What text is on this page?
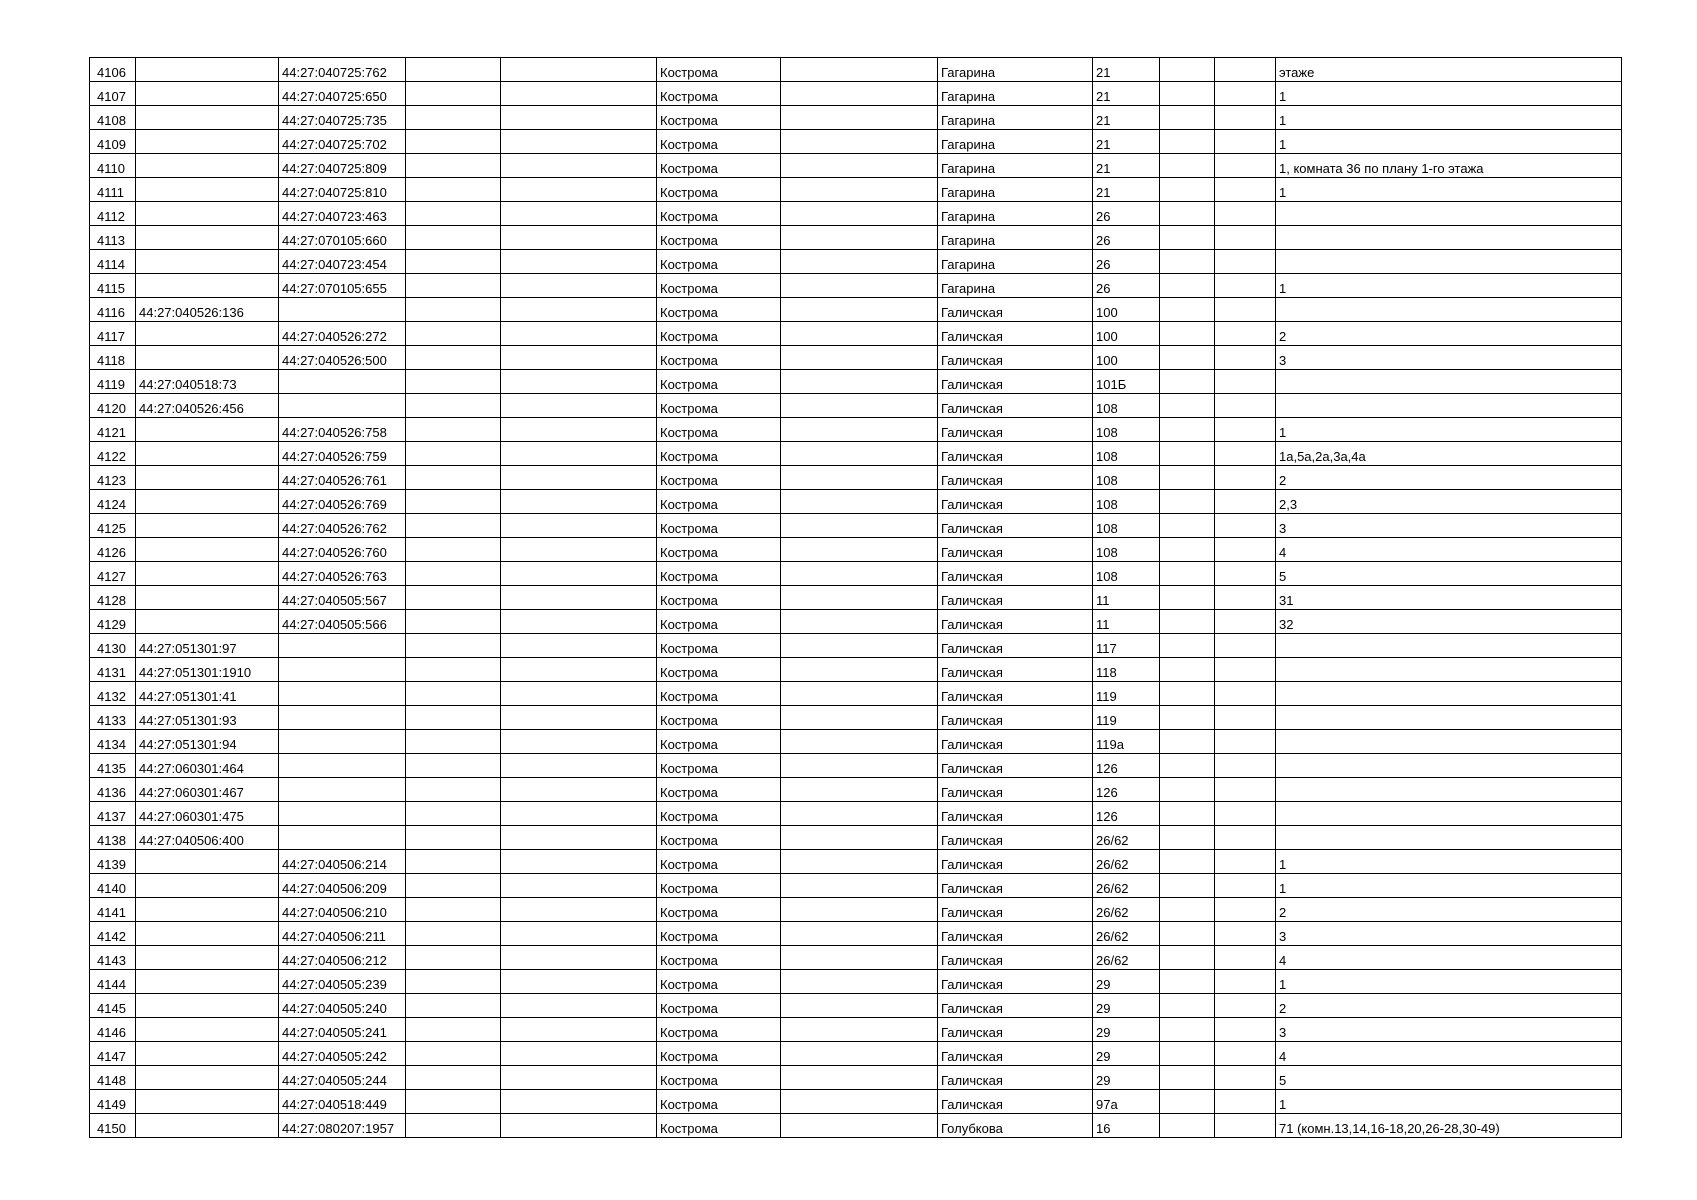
4106		44:27:040725:762			Кострома		Гагарина	21			этаже
4107		44:27:040725:650			Кострома		Гагарина	21			1
4108		44:27:040725:735			Кострома		Гагарина	21			1
4109		44:27:040725:702			Кострома		Гагарина	21			1
4110		44:27:040725:809			Кострома		Гагарина	21			1, комната 36 по плану 1-го этажа
4111		44:27:040725:810			Кострома		Гагарина	21			1
4112		44:27:040723:463			Кострома		Гагарина	26			
4113		44:27:070105:660			Кострома		Гагарина	26			
4114		44:27:040723:454			Кострома		Гагарина	26			
4115		44:27:070105:655			Кострома		Гагарина	26			1
4116	44:27:040526:136				Кострома		Галичская	100			
4117		44:27:040526:272			Кострома		Галичская	100			2
4118		44:27:040526:500			Кострома		Галичская	100			3
4119	44:27:040518:73				Кострома		Галичская	101Б			
4120	44:27:040526:456				Кострома		Галичская	108			
4121		44:27:040526:758			Кострома		Галичская	108			1
4122		44:27:040526:759			Кострома		Галичская	108			1а,5а,2а,3а,4а
4123		44:27:040526:761			Кострома		Галичская	108			2
4124		44:27:040526:769			Кострома		Галичская	108			2,3
4125		44:27:040526:762			Кострома		Галичская	108			3
4126		44:27:040526:760			Кострома		Галичская	108			4
4127		44:27:040526:763			Кострома		Галичская	108			5
4128		44:27:040505:567			Кострома		Галичская	11			31
4129		44:27:040505:566			Кострома		Галичская	11			32
4130	44:27:051301:97				Кострома		Галичская	117			
4131	44:27:051301:1910				Кострома		Галичская	118			
4132	44:27:051301:41				Кострома		Галичская	119			
4133	44:27:051301:93				Кострома		Галичская	119			
4134	44:27:051301:94				Кострома		Галичская	119а			
4135	44:27:060301:464				Кострома		Галичская	126			
4136	44:27:060301:467				Кострома		Галичская	126			
4137	44:27:060301:475				Кострома		Галичская	126			
4138	44:27:040506:400				Кострома		Галичская	26/62			
4139		44:27:040506:214			Кострома		Галичская	26/62			1
4140		44:27:040506:209			Кострома		Галичская	26/62			1
4141		44:27:040506:210			Кострома		Галичская	26/62			2
4142		44:27:040506:211			Кострома		Галичская	26/62			3
4143		44:27:040506:212			Кострома		Галичская	26/62			4
4144		44:27:040505:239			Кострома		Галичская	29			1
4145		44:27:040505:240			Кострома		Галичская	29			2
4146		44:27:040505:241			Кострома		Галичская	29			3
4147		44:27:040505:242			Кострома		Галичская	29			4
4148		44:27:040505:244			Кострома		Галичская	29			5
4149		44:27:040518:449			Кострома		Галичская	97а			1
4150		44:27:080207:1957			Кострома		Голубкова	16			71 (комн.13,14,16-18,20,26-28,30-49)
